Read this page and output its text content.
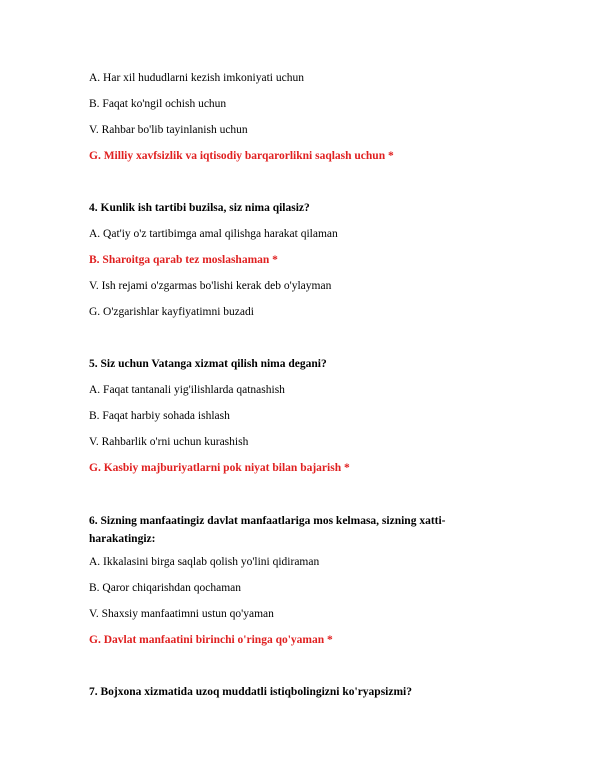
A. Har xil hududlarni kezish imkoniyati uchun
B. Faqat ko'ngil ochish uchun
V. Rahbar bo'lib tayinlanish uchun
G. Milliy xavfsizlik va iqtisodiy barqarorlikni saqlash uchun *
4. Kunlik ish tartibi buzilsa, siz nima qilasiz?
A. Qat'iy o'z tartibimga amal qilishga harakat qilaman
B. Sharoitga qarab tez moslashaman *
V. Ish rejami o'zgarmas bo'lishi kerak deb o'ylayman
G. O'zgarishlar kayfiyatimni buzadi
5. Siz uchun Vatanga xizmat qilish nima degani?
A. Faqat tantanali yig'ilishlarda qatnashish
B. Faqat harbiy sohada ishlash
V. Rahbarlik o'rni uchun kurashish
G. Kasbiy majburiyatlarni pok niyat bilan bajarish *
6. Sizning manfaatingiz davlat manfaatlariga mos kelmasa, sizning xatti-harakatingiz:
A. Ikkalasini birga saqlab qolish yo'lini qidiraman
B. Qaror chiqarishdan qochaman
V. Shaxsiy manfaatimni ustun qo'yaman
G. Davlat manfaatini birinchi o'ringa qo'yaman *
7. Bojxona xizmatida uzoq muddatli istiqbolingizni ko'ryapsizmi?
